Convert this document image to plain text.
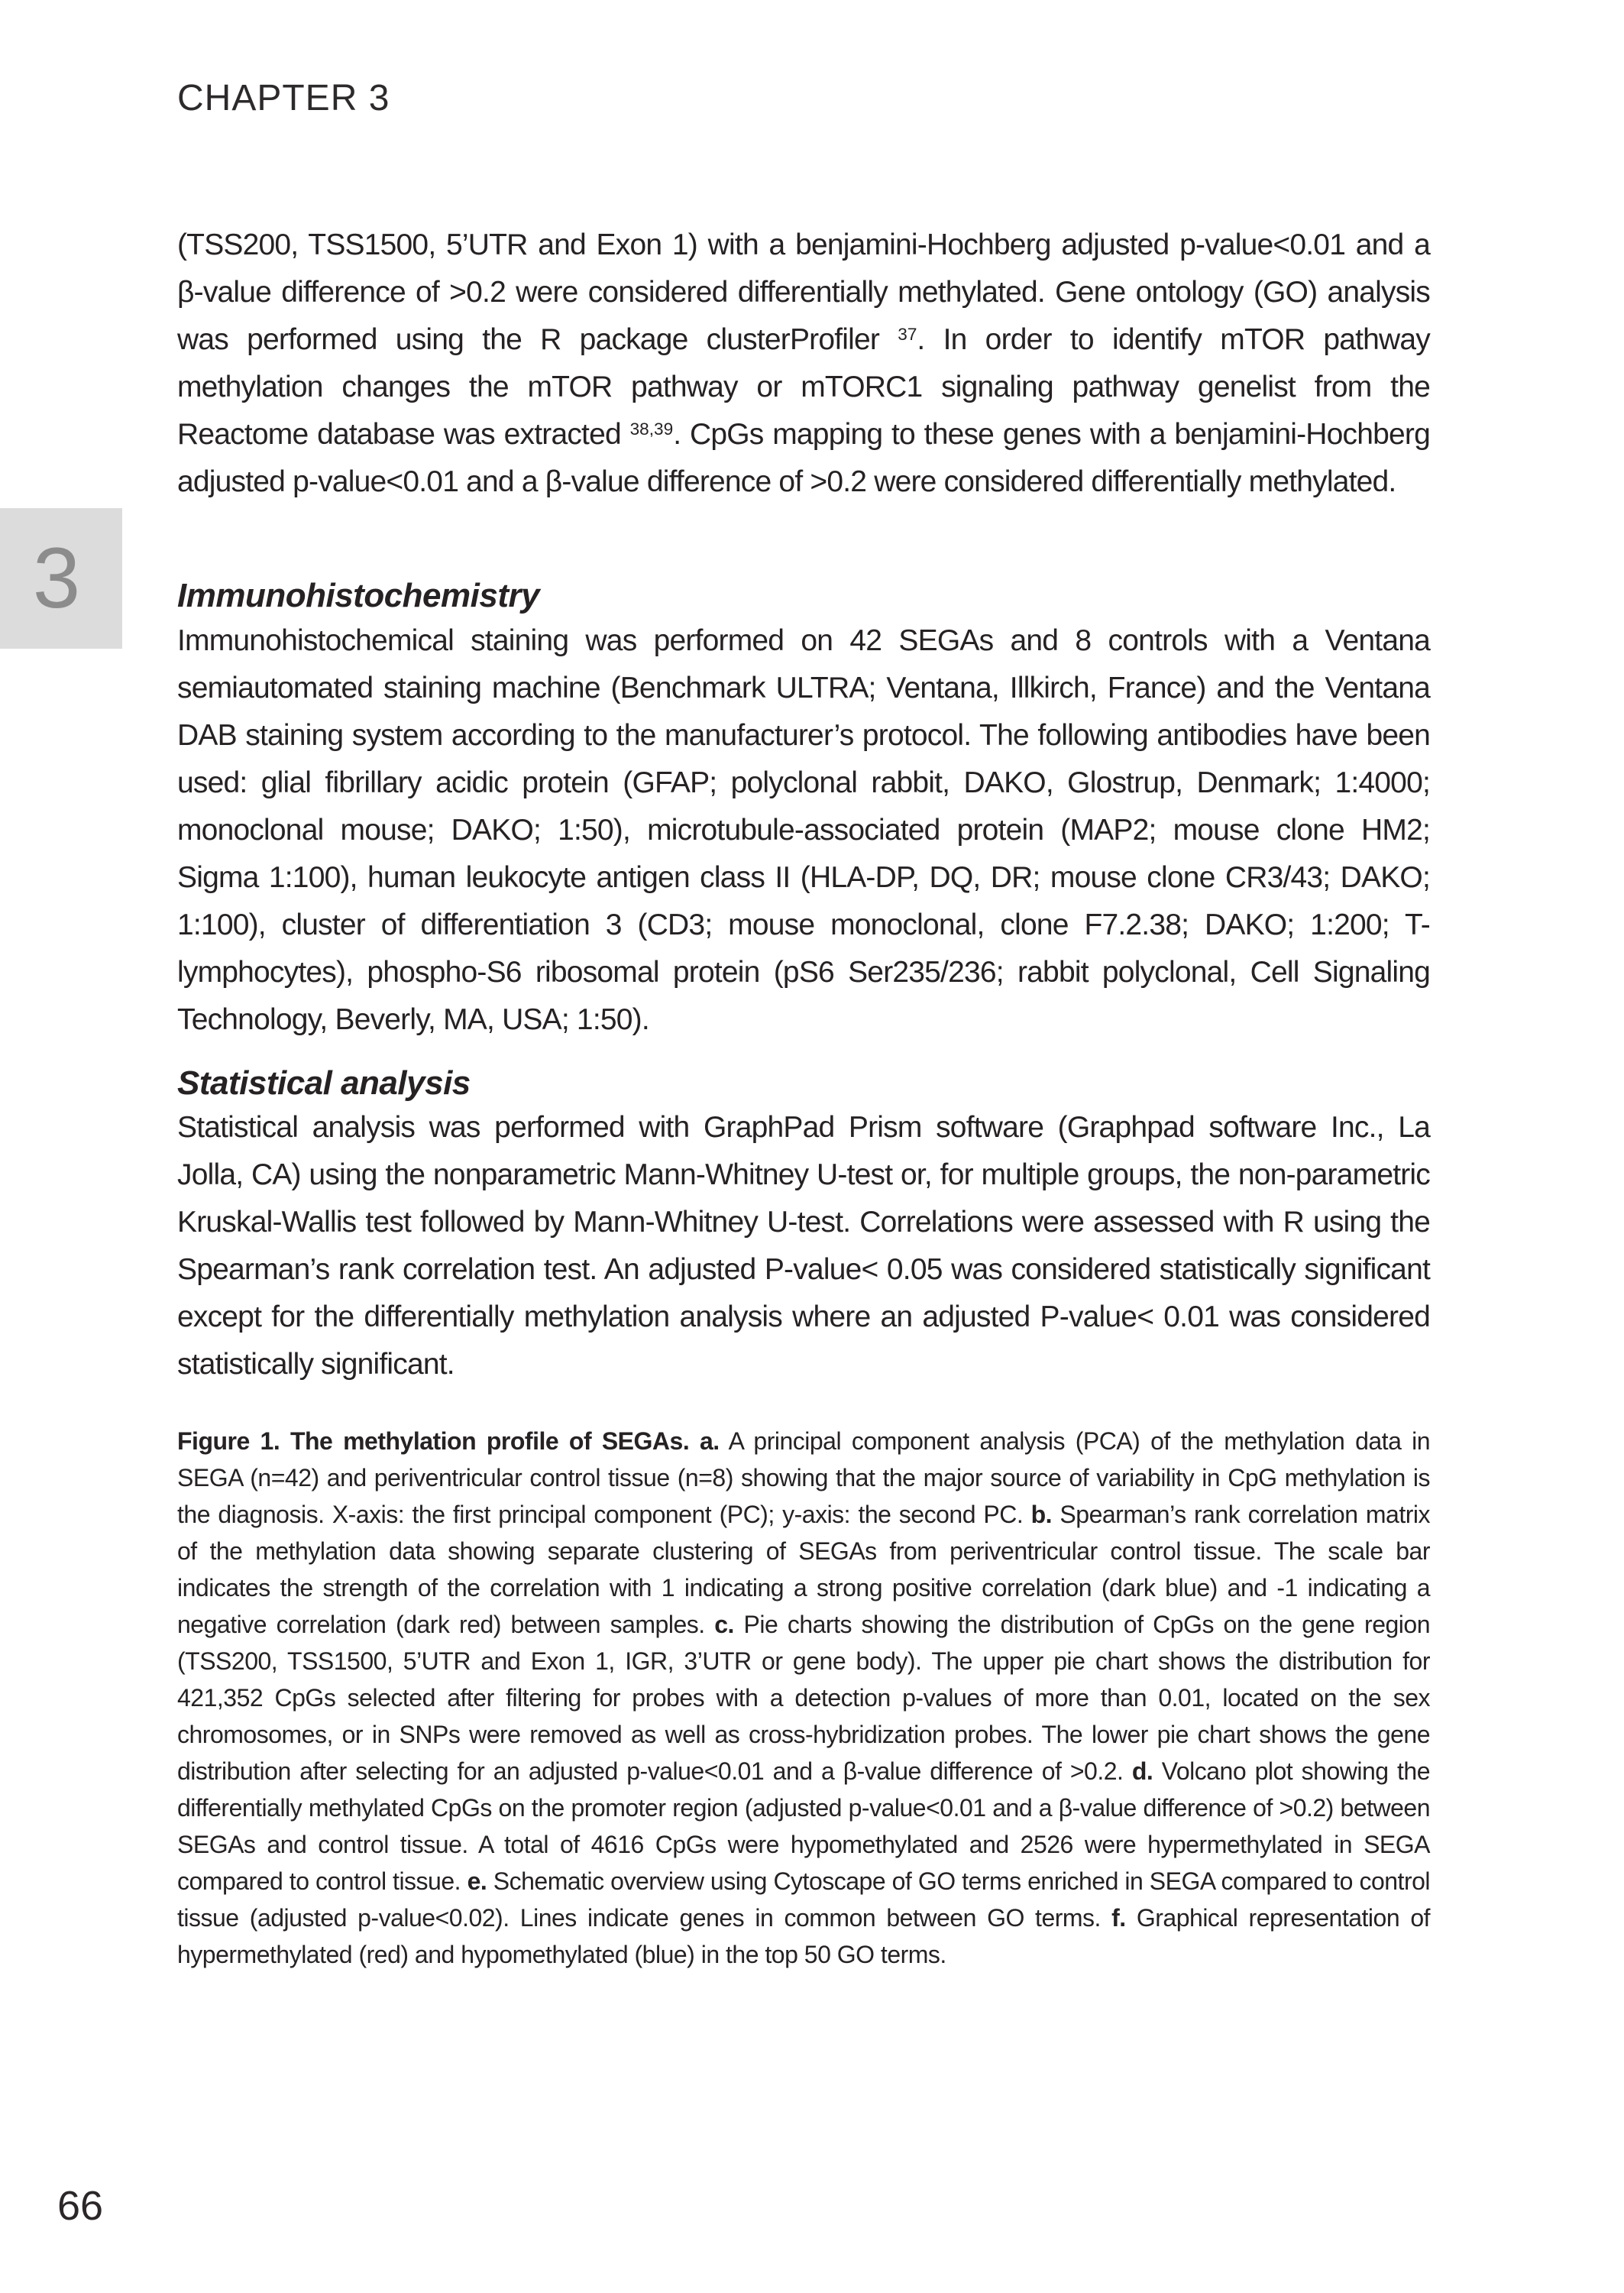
CHAPTER 3
(TSS200, TSS1500, 5’UTR and Exon 1) with a benjamini-Hochberg adjusted p-value<0.01 and a β-value difference of >0.2 were considered differentially methylated. Gene ontology (GO) analysis was performed using the R package clusterProfiler $^{37}$. In order to identify mTOR pathway methylation changes the mTOR pathway or mTORC1 signaling pathway genelist from the Reactome database was extracted $^{38,39}$. CpGs mapping to these genes with a benjamini-Hochberg adjusted p-value<0.01 and a β-value difference of >0.2 were considered differentially methylated.
3	Immunohistochemistry
Immunohistochemical staining was performed on 42 SEGAs and 8 controls with a Ventana semiautomated staining machine (Benchmark ULTRA; Ventana, Illkirch, France) and the Ventana DAB staining system according to the manufacturer’s protocol. The following antibodies have been used: glial fibrillary acidic protein (GFAP; polyclonal rabbit, DAKO, Glostrup, Denmark; 1:4000; monoclonal mouse; DAKO; 1:50), microtubule-associated protein (MAP2; mouse clone HM2; Sigma 1:100), human leukocyte antigen class II (HLA-DP, DQ, DR; mouse clone CR3/43; DAKO; 1:100), cluster of differentiation 3 (CD3; mouse monoclonal, clone F7.2.38; DAKO; 1:200; T-lymphocytes), phospho-S6 ribosomal protein (pS6 Ser235/236; rabbit polyclonal, Cell Signaling Technology, Beverly, MA, USA; 1:50).
Statistical analysis
Statistical analysis was performed with GraphPad Prism software (Graphpad software Inc., La Jolla, CA) using the nonparametric Mann-Whitney U-test or, for multiple groups, the non-parametric Kruskal-Wallis test followed by Mann-Whitney U-test. Correlations were assessed with R using the Spearman’s rank correlation test. An adjusted P-value< 0.05 was considered statistically significant except for the differentially methylation analysis where an adjusted P-value< 0.01 was considered statistically significant.
Figure 1. The methylation profile of SEGAs. a. A principal component analysis (PCA) of the methylation data in SEGA (n=42) and periventricular control tissue (n=8) showing that the major source of variability in CpG methylation is the diagnosis. X-axis: the first principal component (PC); y-axis: the second PC. b. Spearman’s rank correlation matrix of the methylation data showing separate clustering of SEGAs from periventricular control tissue. The scale bar indicates the strength of the correlation with 1 indicating a strong positive correlation (dark blue) and -1 indicating a negative correlation (dark red) between samples. c. Pie charts showing the distribution of CpGs on the gene region (TSS200, TSS1500, 5’UTR and Exon 1, IGR, 3’UTR or gene body). The upper pie chart shows the distribution for 421,352 CpGs selected after filtering for probes with a detection p-values of more than 0.01, located on the sex chromosomes, or in SNPs were removed as well as cross-hybridization probes. The lower pie chart shows the gene distribution after selecting for an adjusted p-value<0.01 and a β-value difference of >0.2. d. Volcano plot showing the differentially methylated CpGs on the promoter region (adjusted p-value<0.01 and a β-value difference of >0.2) between SEGAs and control tissue. A total of 4616 CpGs were hypomethylated and 2526 were hypermethylated in SEGA compared to control tissue. e. Schematic overview using Cytoscape of GO terms enriched in SEGA compared to control tissue (adjusted p-value<0.02). Lines indicate genes in common between GO terms. f. Graphical representation of hypermethylated (red) and hypomethylated (blue) in the top 50 GO terms.
66
